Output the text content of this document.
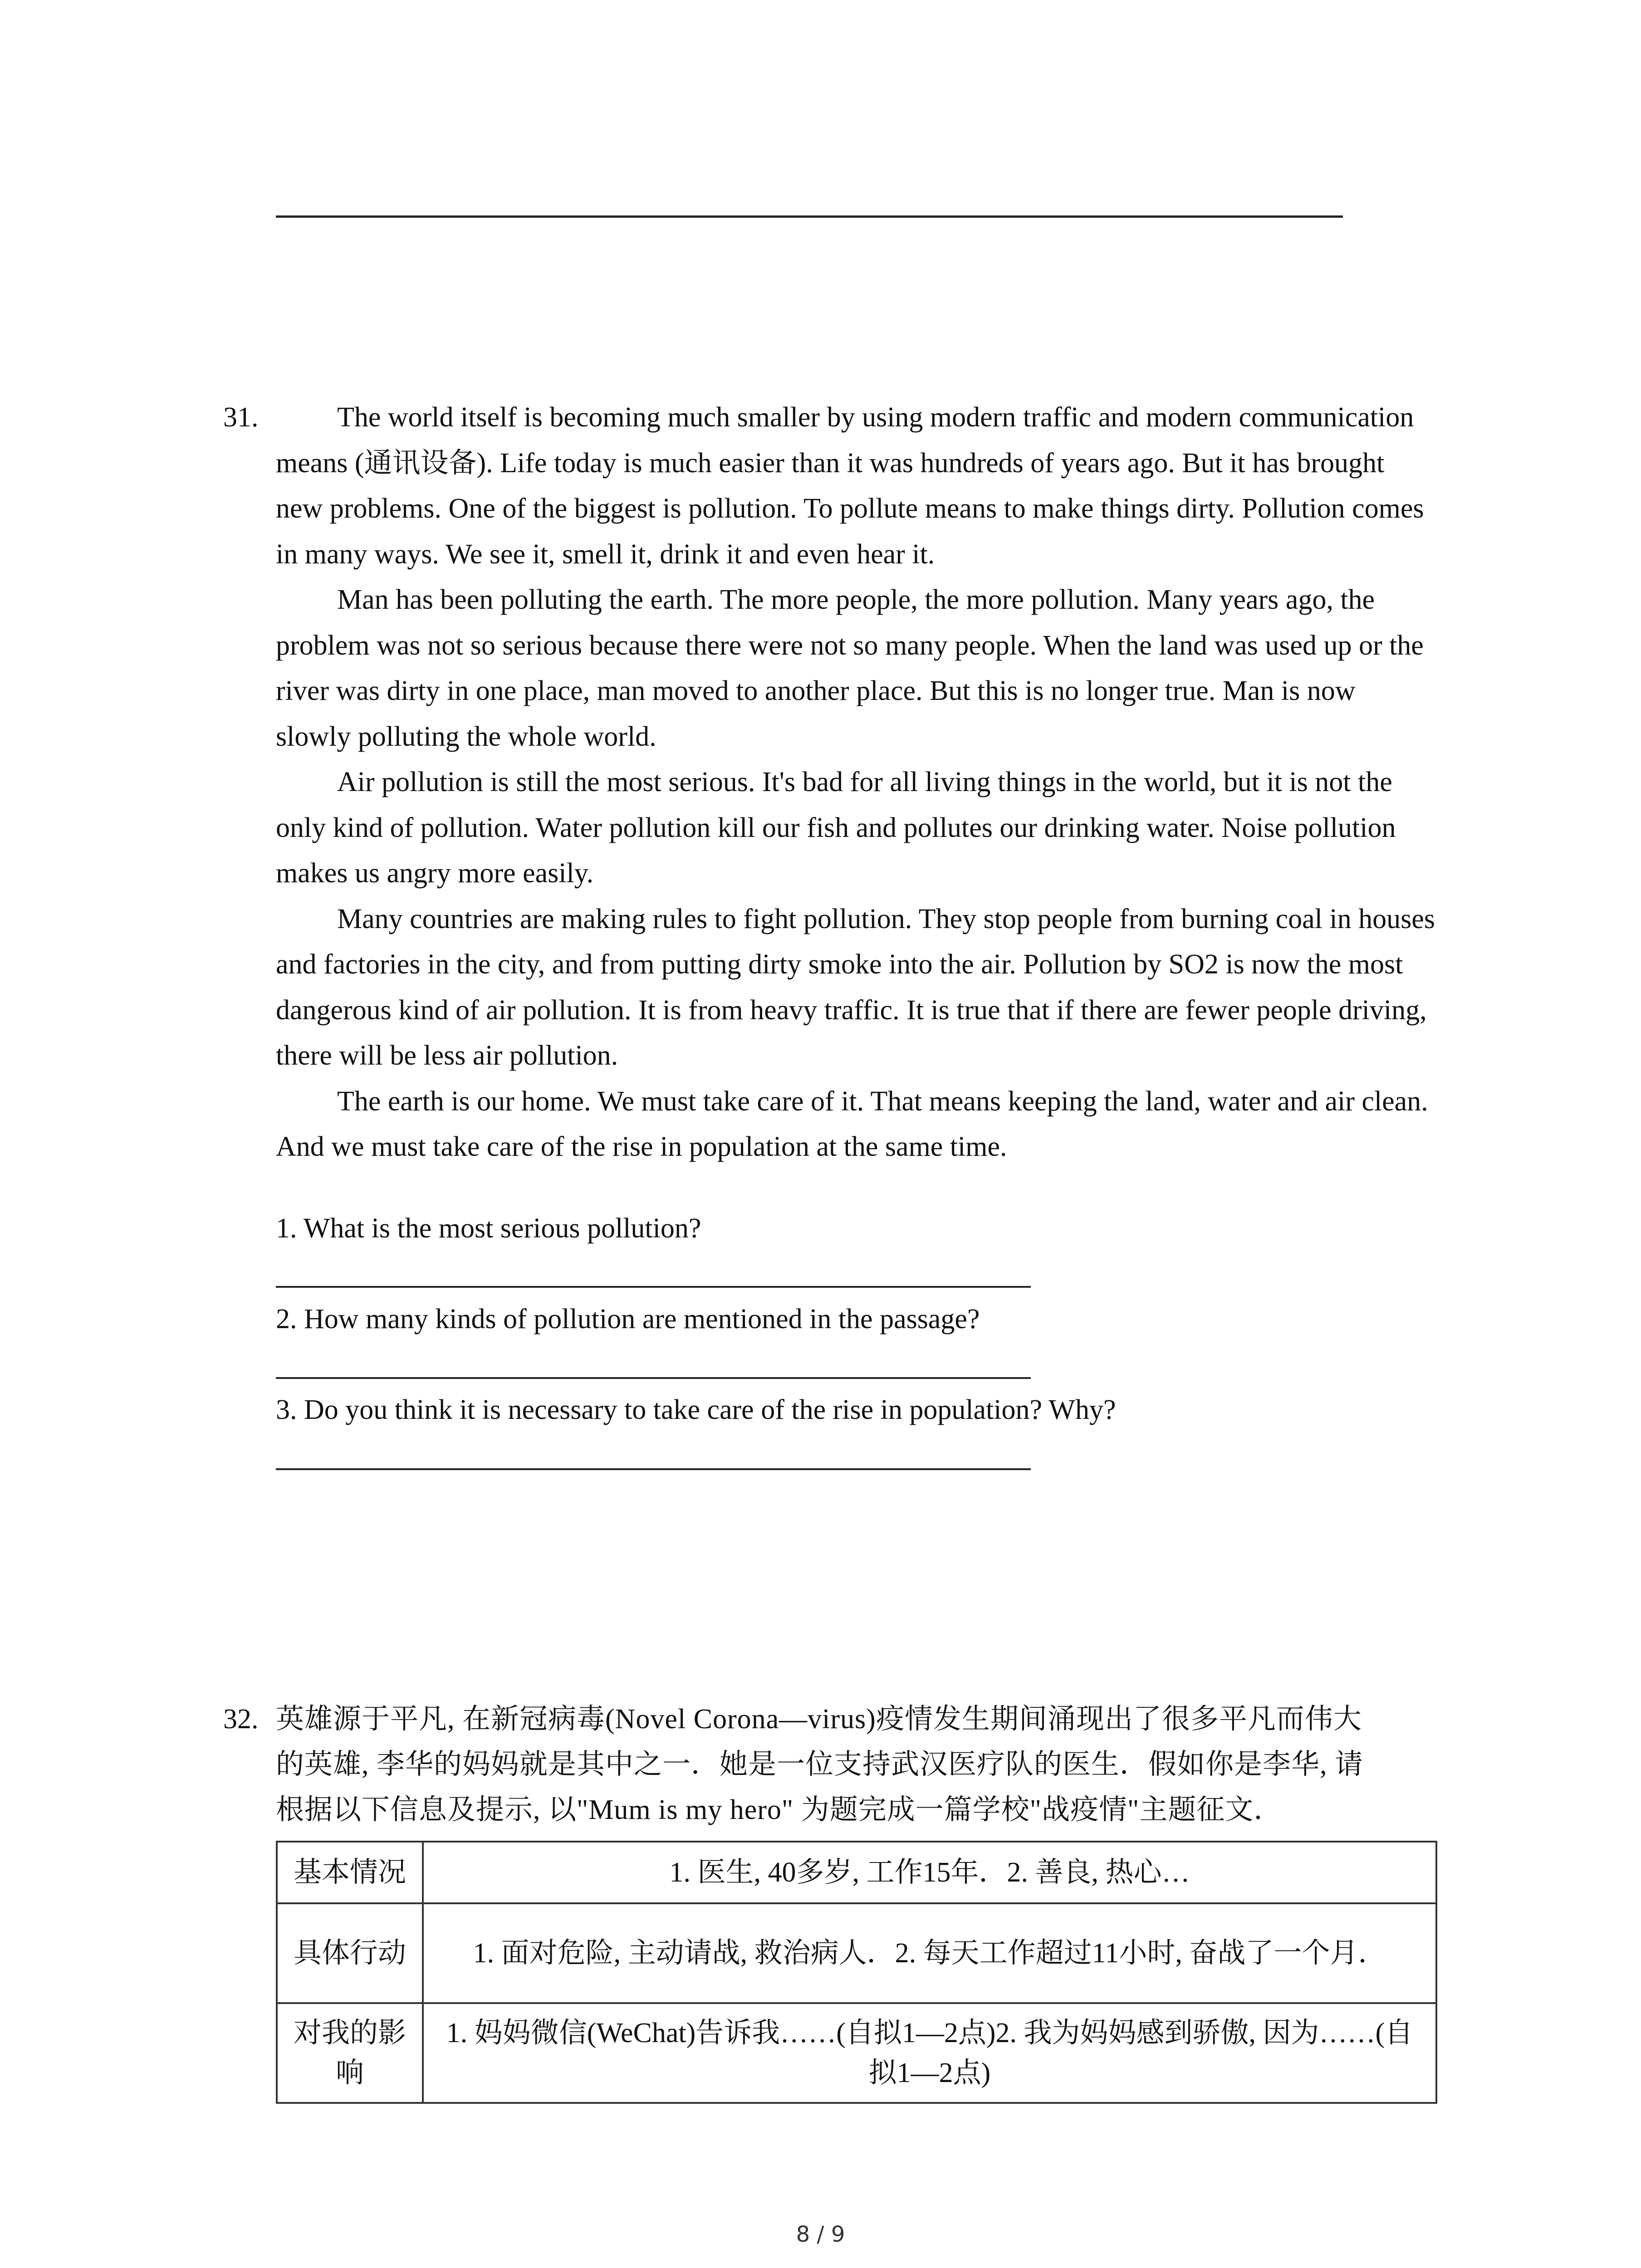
31.	The world itself is becoming much smaller by using modern traffic and modern communication means (通讯设备). Life today is much easier than it was hundreds of years ago. But it has brought new problems. One of the biggest is pollution. To pollute means to make things dirty. Pollution comes in many ways. We see it, smell it, drink it and even hear it.

Man has been polluting the earth. The more people, the more pollution. Many years ago, the problem was not so serious because there were not so many people. When the land was used up or the river was dirty in one place, man moved to another place. But this is no longer true. Man is now slowly polluting the whole world.

Air pollution is still the most serious. It's bad for all living things in the world, but it is not the only kind of pollution. Water pollution kill our fish and pollutes our drinking water. Noise pollution makes us angry more easily.

Many countries are making rules to fight pollution. They stop people from burning coal in houses and factories in the city, and from putting dirty smoke into the air. Pollution by SO2 is now the most dangerous kind of air pollution. It is from heavy traffic. It is true that if there are fewer people driving, there will be less air pollution.

The earth is our home. We must take care of it. That means keeping the land, water and air clean. And we must take care of the rise in population at the same time.

1. What is the most serious pollution?
2. How many kinds of pollution are mentioned in the passage?
3. Do you think it is necessary to take care of the rise in population? Why?
32. 英雄源于平凡, 在新冠病毒(Novel Corona—virus)疫情发生期间涌现出了很多平凡而伟大
的英雄, 李华的妈妈就是其中之一．她是一位支持武汉医疗队的医生．假如你是李华, 请
根据以下信息及提示, 以"Mum is my hero" 为题完成一篇学校"战疫情"主题征文．
基本情况	1. 医生, 40多岁, 工作15年．2. 善良, 热心…
具体行动	1. 面对危险, 主动请战, 救治病人．2. 每天工作超过11小时, 奋战了一个月．
对我的影响	1. 妈妈微信(WeChat)告诉我……(自拟1—2点)2. 我为妈妈感到骄傲, 因为……(自拟1—2点)
8 / 9
